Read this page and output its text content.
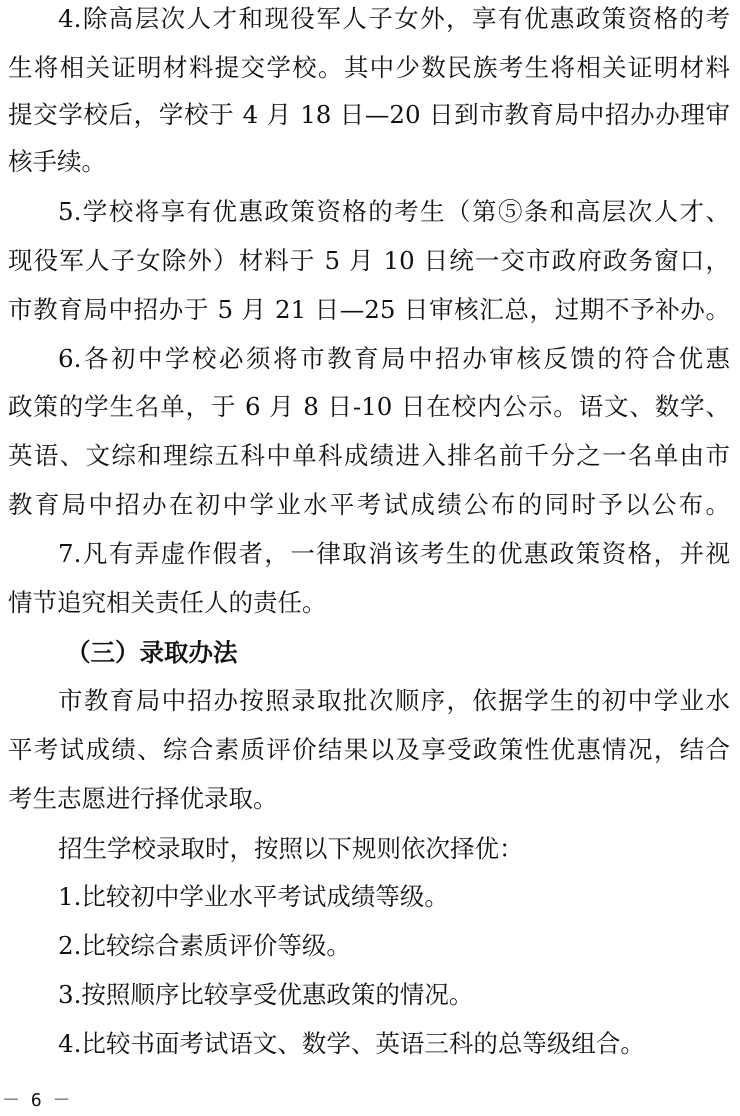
4.除高层次人才和现役军人子女外，享有优惠政策资格的考
生将相关证明材料提交学校。其中少数民族考生将相关证明材料
提交学校后，学校于 4 月 18 日—20 日到市教育局中招办办理审
核手续。
5.学校将享有优惠政策资格的考生（第⑤条和高层次人才、
现役军人子女除外）材料于 5 月 10 日统一交市政府政务窗口，
市教育局中招办于 5 月 21 日—25 日审核汇总，过期不予补办。
6.各初中学校必须将市教育局中招办审核反馈的符合优惠
政策的学生名单，于 6 月 8 日-10 日在校内公示。语文、数学、
英语、文综和理综五科中单科成绩进入排名前千分之一名单由市
教育局中招办在初中学业水平考试成绩公布的同时予以公布。
7.凡有弄虚作假者，一律取消该考生的优惠政策资格，并视
情节追究相关责任人的责任。
（三）录取办法
市教育局中招办按照录取批次顺序，依据学生的初中学业水
平考试成绩、综合素质评价结果以及享受政策性优惠情况，结合
考生志愿进行择优录取。
招生学校录取时，按照以下规则依次择优：
1.比较初中学业水平考试成绩等级。
2.比较综合素质评价等级。
3.按照顺序比较享受优惠政策的情况。
4.比较书面考试语文、数学、英语三科的总等级组合。
－ 6 －
